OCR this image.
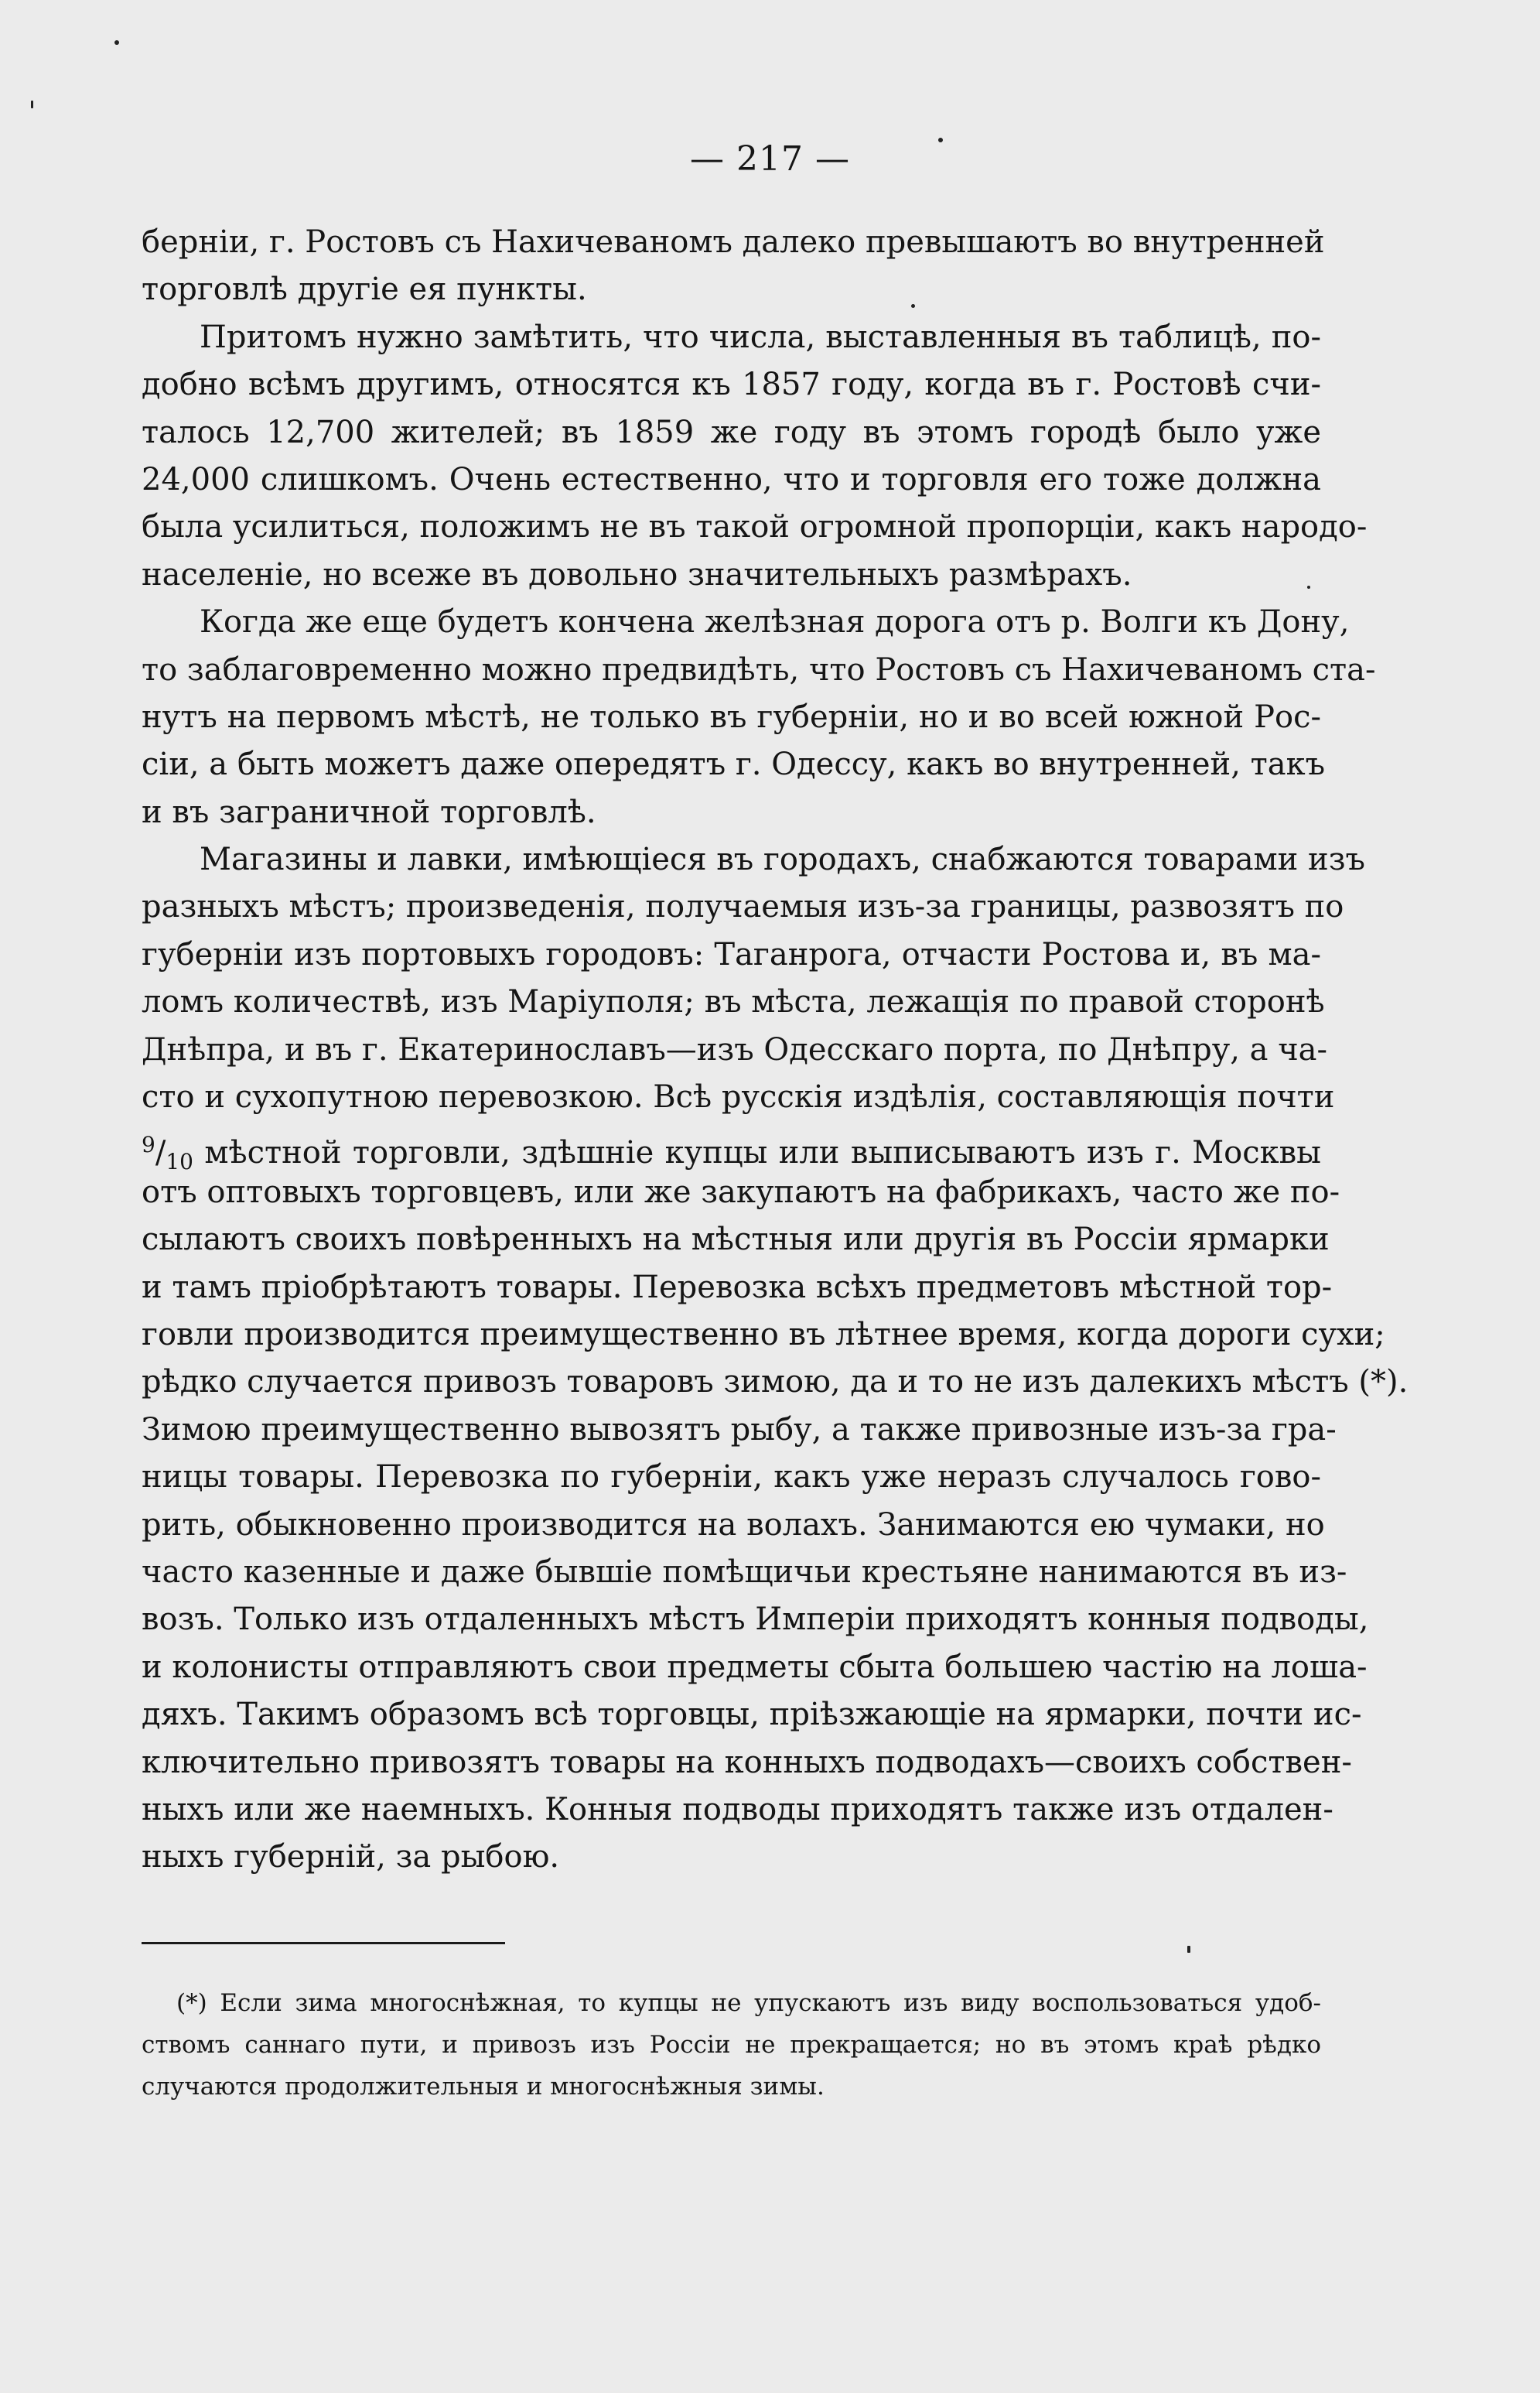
— 217 —
берніи, г. Ростовъ съ Нахичеваномъ далеко превышаютъ во внутренней
торговлѣ другіе ея пункты.
Притомъ нужно замѣтить, что числа, выставленныя въ таблицѣ, по-
добно всѣмъ другимъ, относятся къ 1857 году, когда въ г. Ростовѣ счи-
талось 12,700 жителей; въ 1859 же году въ этомъ городѣ было уже
24,000 слишкомъ. Очень естественно, что и торговля его тоже должна
была усилиться, положимъ не въ такой огромной пропорціи, какъ народо-
населеніе, но всеже въ довольно значительныхъ размѣрахъ.
Когда же еще будетъ кончена желѣзная дорога отъ р. Волги къ Дону,
то заблаговременно можно предвидѣть, что Ростовъ съ Нахичеваномъ ста-
нутъ на первомъ мѣстѣ, не только въ губерніи, но и во всей южной Рос-
сіи, а быть можетъ даже опередятъ г. Одессу, какъ во внутренней, такъ
и въ заграничной торговлѣ.
Магазины и лавки, имѣющіеся въ городахъ, снабжаются товарами изъ
разныхъ мѣстъ; произведенія, получаемыя изъ-за границы, развозятъ по
губерніи изъ портовыхъ городовъ: Таганрога, отчасти Ростова и, въ ма-
ломъ количествѣ, изъ Маріуполя; въ мѣста, лежащія по правой сторонѣ
Днѣпра, и въ г. Екатеринославъ—изъ Одесскаго порта, по Днѣпру, а ча-
сто и сухопутною перевозкою. Всѣ русскія издѣлія, составляющія почти
$^9/_{10}$ мѣстной торговли, здѣшніе купцы или выписываютъ изъ г. Москвы
отъ оптовыхъ торговцевъ, или же закупаютъ на фабрикахъ, часто же по-
сылаютъ своихъ повѣренныхъ на мѣстныя или другія въ Россіи ярмарки
и тамъ пріобрѣтаютъ товары. Перевозка всѣхъ предметовъ мѣстной тор-
говли производится преимущественно въ лѣтнее время, когда дороги сухи;
рѣдко случается привозъ товаровъ зимою, да и то не изъ далекихъ мѣстъ (*).
Зимою преимущественно вывозятъ рыбу, а также привозные изъ-за гра-
ницы товары. Перевозка по губерніи, какъ уже неразъ случалось гово-
рить, обыкновенно производится на волахъ. Занимаются ею чумаки, но
часто казенные и даже бывшіе помѣщичьи крестьяне нанимаются въ из-
возъ. Только изъ отдаленныхъ мѣстъ Имперіи приходятъ конныя подводы,
и колонисты отправляютъ свои предметы сбыта большею частію на лоша-
дяхъ. Такимъ образомъ всѣ торговцы, пріѣзжающіе на ярмарки, почти ис-
ключительно привозятъ товары на конныхъ подводахъ—своихъ собствен-
ныхъ или же наемныхъ. Конныя подводы приходятъ также изъ отдален-
ныхъ губерній, за рыбою.
(*) Если зима многоснѣжная, то купцы не упускаютъ изъ виду воспользоваться удоб-
ствомъ саннаго пути, и привозъ изъ Россіи не прекращается; но въ этомъ краѣ рѣдко
случаются продолжительныя и многоснѣжныя зимы.
